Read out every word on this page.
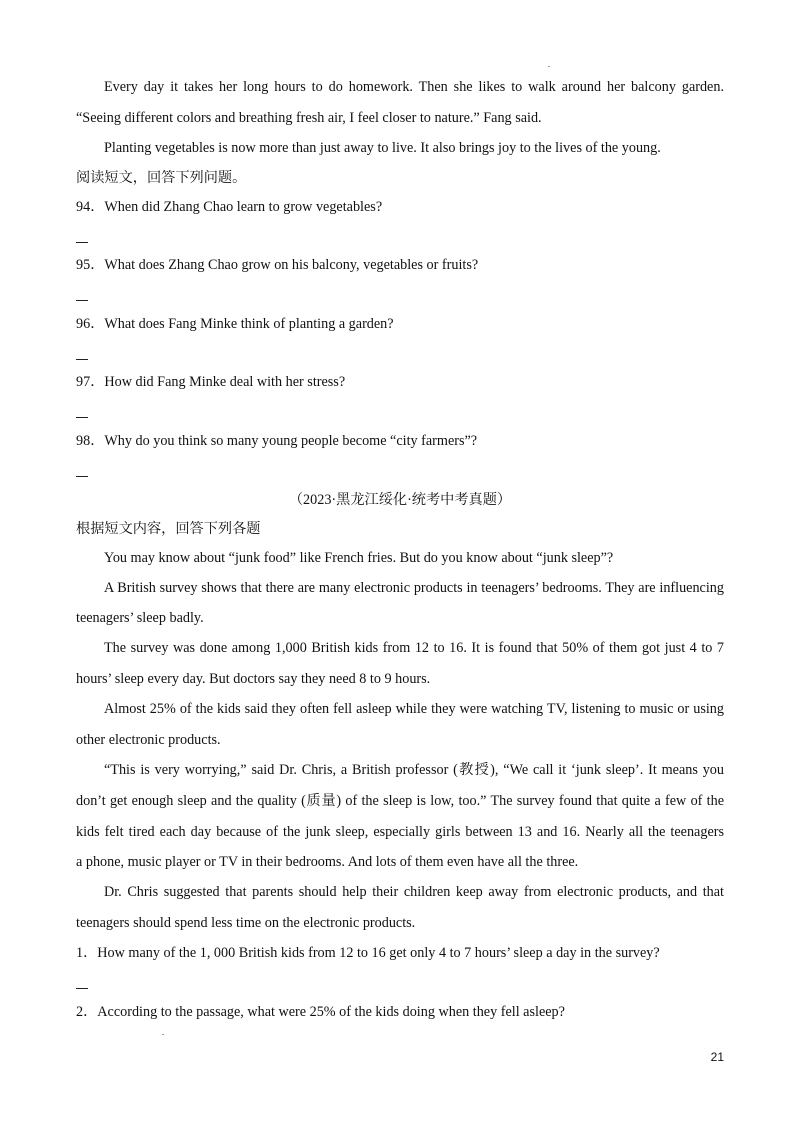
Every day it takes her long hours to do homework. Then she likes to walk around her balcony garden.
“Seeing different colors and breathing fresh air, I feel closer to nature.” Fang said.
Planting vegetables is now more than just away to live. It also brings joy to the lives of the young.
阅读短文，回答下列问题。
94．When did Zhang Chao learn to grow vegetables?
95．What does Zhang Chao grow on his balcony, vegetables or fruits?
96．What does Fang Minke think of planting a garden?
97．How did Fang Minke deal with her stress?
98．Why do you think so many young people become “city farmers”?
（2023·黑龙江绥化·统考中考真题）
根据短文内容，回答下列各题
You may know about “junk food” like French fries. But do you know about “junk sleep”?
A British survey shows that there are many electronic products in teenagers’ bedrooms. They are influencing
teenagers’ sleep badly.
The survey was done among 1,000 British kids from 12 to 16. It is found that 50% of them got just 4 to 7
hours’ sleep every day. But doctors say they need 8 to 9 hours.
Almost 25% of the kids said they often fell asleep while they were watching TV, listening to music or using
other electronic products.
“This is very worrying,” said Dr. Chris, a British professor (教授), “We call it ‘junk sleep’. It means you
don’t get enough sleep and the quality (质量) of the sleep is low, too.” The survey found that quite a few of the
kids felt tired each day because of the junk sleep, especially girls between 13 and 16. Nearly all the teenagers
a phone, music player or TV in their bedrooms. And lots of them even have all the three.
Dr. Chris suggested that parents should help their children keep away from electronic products, and that
teenagers should spend less time on the electronic products.
1．How many of the 1, 000 British kids from 12 to 16 get only 4 to 7 hours’ sleep a day in the survey?
2．According to the passage, what were 25% of the kids doing when they fell asleep?
21
